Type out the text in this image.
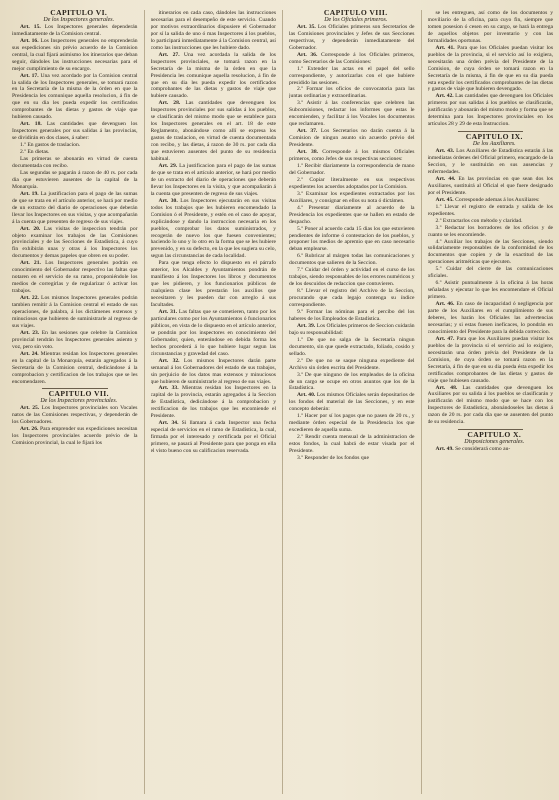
CAPITULO VI.

De los Inspectores generales.

Art. 15. Los Inspectores generales dependerán inmediatamente de la Comision central.

Art. 16. Los Inspectores generales no emprenderán sus espediciones sin prévio acuerdo de la Comision central, la cual fijará asimismo los itinerarios que deban seguir, dándoles las instrucciones necesarias para el mejor cumplimiento de su encargo.

Art. 17. Una vez acordado por la Comision central la salida de los Inspectores generales, se tomará razon en la Secretaría de la misma de la órden en que la Presidencia les comunique aquella resolucion, á fin de que en su dia les pueda expedir los certificados comprobantes de las dietas y gastos de viaje que hubieren causado.

Art. 18. Las cantidades que devenguen los Inspectores generales por sus salidas á las provincias, se dividirán en dos clases, á saber:

1.º En gastos de traslacion.

2.º En dietas.

Las primeras se abonarán en virtud de cuenta documentada con recibo.

Las segundas se pagarán á razon de 40 rs. por cada dia que estuvieren ausentes de la capital de la Monarquía.

Art. 19. La justificacion para el pago de las sumas de que se trata en el artículo anterior, se hará por medio de un extracto del diario de operaciones que deberán llevar los Inspectores en sus visitas, y que acompañarán á la cuenta que presenten de regreso de sus viajes.

Art. 20. Las visitas de inspeccion tendrán por objeto examinar los trabajos de las Comisiones provinciales y de las Secciones de Estadística, á cuyo fin exhibirán unas y otras á los Inspectores los documentos y demas papeles que obren en su poder.

Art. 21. Los Inspectores generales podrán en conocimiento del Gobernador respectivo las faltas que notaren en el servicio de su ramo, proponiéndole los medios de corregirlas y de regularizar ó activar los trabajos.

Art. 22. Los mismos Inspectores generales podrán tambien remitir á la Comision central el estado de sus operaciones, de palabra, á los dictámenes extensos y minuciosos que hubieren de suministrarle al regreso de sus viajes.

Art. 23. En las sesiones que celebre la Comision provincial tendrán los Inspectores generales asiento y voz, pero sin voto.

Art. 24. Mientras residan los Inspectores generales en la capital de la Monarquía, estarán agregados á la Secretaría de la Comision central, dedicándose á la comprobacion y certificacion de los trabajos que se les encomendaren.

CAPITULO VII.

De los Inspectores provinciales.

Art. 25. Los Inspectores provinciales son Vocales natos de las Comisiones respectivas, y dependerán de los Gobernadores.

Art. 26. Para emprender sus expediciones necesitan los Inspectores provinciales acuerdo prévio de la Comision provincial, la cual le fijará los

itinerarios en cada caso, dándoles las instrucciones necesarias para el desempeño de este servicio. Cuando por motivos extraordinarios dispusiere el Gobernador por sí la salida de uno ó mas Inspectores á los pueblos, lo participará inmediatamente á la Comision central, así como las instrucciones que les hubiere dado.

Art. 27. Una vez acordada la salida de los Inspectores provinciales, se tomará razon en la Secretaría de la misma de la órden en que la Presidencia les comunique aquella resolucion, á fin de que en su dia les pueda expedir los certificados comprobantes de las dietas y gastos de viaje que hubiere causado.

Art. 28. Las cantidades que devenguen los Inspectores provinciales por sus salidas á los pueblos, se clasificarán del mismo modo que se establece para los Inspectores generales en el art. 18 de este Reglamento, abonándose como allí se expresa los gastos de traslacion, en virtud de cuenta documentada con recibo, y las dietas, á razon de 30 rs. por cada dia que estuvieren ausentes del punto de su residencia habitual.

Art. 29. La justificacion para el pago de las sumas de que se trata en el artículo anterior, se hará por medio de un extracto del diario de operaciones que deberán llevar los Inspectores en la visita, y que acompañarán á la cuenta que presenten de regreso de sus viajes.

Art. 30. Los Inspectores ejecutarán en sus visitas todos los trabajos que les hubieren encomendado la Comision ó el Presidente, y estén en el caso de apoyar, explicándose y dando la instruccion necesaria en los pueblos, comprobar los datos suministrados, y recogerán de nuevo los que fuesen convenientes; haciendo lo uno y lo otro en la forma que se les hubiere prevenido, y en su defecto, en la que les sugiera su celo, segun las circunstancias de cada localidad.

Para que tenga efecto lo dispuesto en el párrafo anterior, los Alcaldes y Ayuntamientos pondrán de manifiesto á los Inspectores los libros y documentos que les pidieren, y los funcionarios públicos de cualquiera clase les prestarán los auxilios que necesitaren y les pueden dar con arreglo á sus facultades.

Art. 31. Las faltas que se cometieren, tanto por los particulares como por los Ayuntamientos ó funcionarios públicos, en vista de lo dispuesto en el artículo anterior, se pondrán por los inspectores en conocimiento del Gobernador, quien, enterándose en debida forma los hechos procederá á lo que hubiere lugar segun las circunstancias y gravedad del caso.

Art. 32. Los mismos Inspectores darán parte semanal á los Gobernadores del estado de sus trabajos, sin perjuicio de los datos mas extensos y minuciosos que hubieren de suministrarle al regreso de sus viajes.

Art. 33. Mientras residan los Inspectores en la capital de la provincia, estarán agregados á la Seccion de Estadística, dedicándose á la comprobacion y rectificacion de los trabajos que les encomiende el Presidente.

Art. 34. Si llamara á cada Inspector una fecha especial de servicios en el ramo de Estadística, la cual, firmada por el interesado y certificada por el Oficial primero, se pasará al Presidente para que ponga en ella el visto bueno con su calificacion reservada.

CAPITULO VIII.

De los Oficiales primeros.

Art. 35. Los Oficiales primeros son Secretarios de las Comisiones provinciales y Jefes de sus Secciones respectivas, y dependerán inmediatamente del Gobernador.

Art. 36. Corresponde á los Oficiales primeros, como Secretarios de las Comisiones:

1.º Extender las actas en el papel del sello correspondiente, y autorizarlas con el que hubiere presidido las sesiones.

2.º Formar los oficios de convocatoria para las juntas ordinarias y extraordinarias.

3.º Asistir á las conferencias que celebren las Subcomisiones, redactar los informes que estas le encomienden, y facilitar á los Vocales los documentos que reclamaren.

Art. 37. Los Secretarios no darán cuenta á la Comision de ningun asunto sin acuerdo prévio del Presidente.

Art. 38. Corresponde á los mismos Oficiales primeros, como Jefes de sus respectivas secciones:

1.º Recibir diariamente la correspondencia de mano del Gobernador.

2.º Copiar literalmente en sus respectivos expedientes los acuerdos adoptados por la Comision.

3.º Examinar los expedientes extractados por los Auxiliares, y consignar en ellos su nota ó dictámen.

4.º Presentar diariamente al acuerdo de la Presidencia los expedientes que se hallen en estado de despacho.

5.º Poner al acuerdo cada 15 dias los que estuvieren pendientes de informe ó contestacion de los pueblos, y proponer los medios de apremio que en caso necesario deban emplearse.

6.º Rubricar al márgen todas las comunicaciones y documentos que salieren de la Seccion.

7.º Cuidar del órden y actividad en el curso de los trabajos, siendo responsables de los errores numéricos y de los descuidos de redaccion que contuvieren.

8.º Llevar el registro del Archivo de la Seccion, procurando que cada legajo contenga su índice correspondiente.

9.º Formar las nóminas para el percibo del los haberes de los Empleados de Estadística.

Art. 39. Los Oficiales primeros de Seccion cuidarán bajo su responsabilidad:

1.º De que no salga de la Secretaría ningun documento, sin que quede extractado, foliado, cosido y sellado.

2.º De que no se saque ninguna expediente del Archivo sin órden escrita del Presidente.

3.º De que ninguno de los empleados de la oficina de un cargo se ocupe en otros asuntos que los de la Estadística.

Art. 40. Los mismos Oficiales serán depositarios de los fondos del material de las Secciones, y en este concepto deberán:

1.º Hacer por sí los pagos que no pasen de 20 rs., y mediante órden especial de la Presidencia los que excedieren de aquella suma.

2.º Rendir cuenta mensual de la administracion de estos fondos, la cual habrá de estar visada por el Presidente.

3.º Responder de los fondos que

se les entreguen, así como de los documentos y movilíario de la oficina, para cuyo fin, siempre que tomen posesion ó cesen en su cargo, se hará la entrega de aquellos objetos por inventario y con las formalidades oportunas.

Art. 41. Para que los Oficiales puedan visitar los pueblos de la provincia, si el servicio así lo exigiera, necesitarán una órden prévia del Presidente de la Comision, de cuya órden se tomará razon en la Secretaría de la misma, á fin de que en su dia pueda esta expedir los certificados comprobantes de las dietas y gastos de viaje que hubieren devengado.

Art. 42. Las cantidades que devenguen los Oficiales primeros por sus salidas á los pueblos se clasificarán, justificarán y abonarán del mismo modo y forma que se determina para los Inspectores provinciales en los artículos 28 y 29 de esta Instruccion.

CAPITULO IX.

De los Auxiliares.

Art. 43. Los Auxiliares de Estadística estarán á las inmediatas órdenes del Oficial primero, encargado de la Seccion, y le sustituirán en sus ausencias y enfermedades.

Art. 44. En las provincias en que sean dos los Auxiliares, sustituirá al Oficial el que fuere designado por el Presidente.

Art. 45. Corresponde ademas á los Auxiliares:

1.º Llevar el registro de entrada y salida de los expedientes.

2.º Extractarlos con método y claridad.

3.º Redactar los borradores de los oficios y de cuanto se les encomiende.

4.º Auxiliar los trabajos de las Secciones, siendo solidariamente responsables de la conformidad de los documentos que copien y de la exactitud de las operaciones aritméticas que ejecuten.

5.º Cuidar del cierre de las comunicaciones oficiales.

6.º Asistir puntualmente á la oficina á las horas señaladas y ejecutar lo que les encomendare el Oficial primero.

Art. 46. En caso de incapacidad ó negligencia por parte de los Auxiliares en el cumplimiento de sus deberes, les harán los Oficiales las advertencias necesarias; y si estas fuesen ineficaces, lo pondrán en conocimiento del Presidente para la debida correccion.

Art. 47. Para que los Auxiliares puedan visitar los pueblos de la provincia si el servicio así lo exigiere, necesitarán una órden prévia del Presidente de la Comision, de cuya órden se tomará razon en la Secretaría, á fin de que en su dia pueda ésta expedir los certificados comprobantes de las dietas y gastos de viaje que hubiesen causado.

Art. 48. Las cantidades que devenguen los Auxiliares por su salida á los pueblos se clasificarán y justificarán del mismo modo que se hace con los Inspectores de Estadística, abonándoseles las dietas á razon de 20 rs. por cada dia que se ausenten del punto de su residencia.

CAPITULO X.

Disposiciones generales.

Art. 49. Se considerará como au-
